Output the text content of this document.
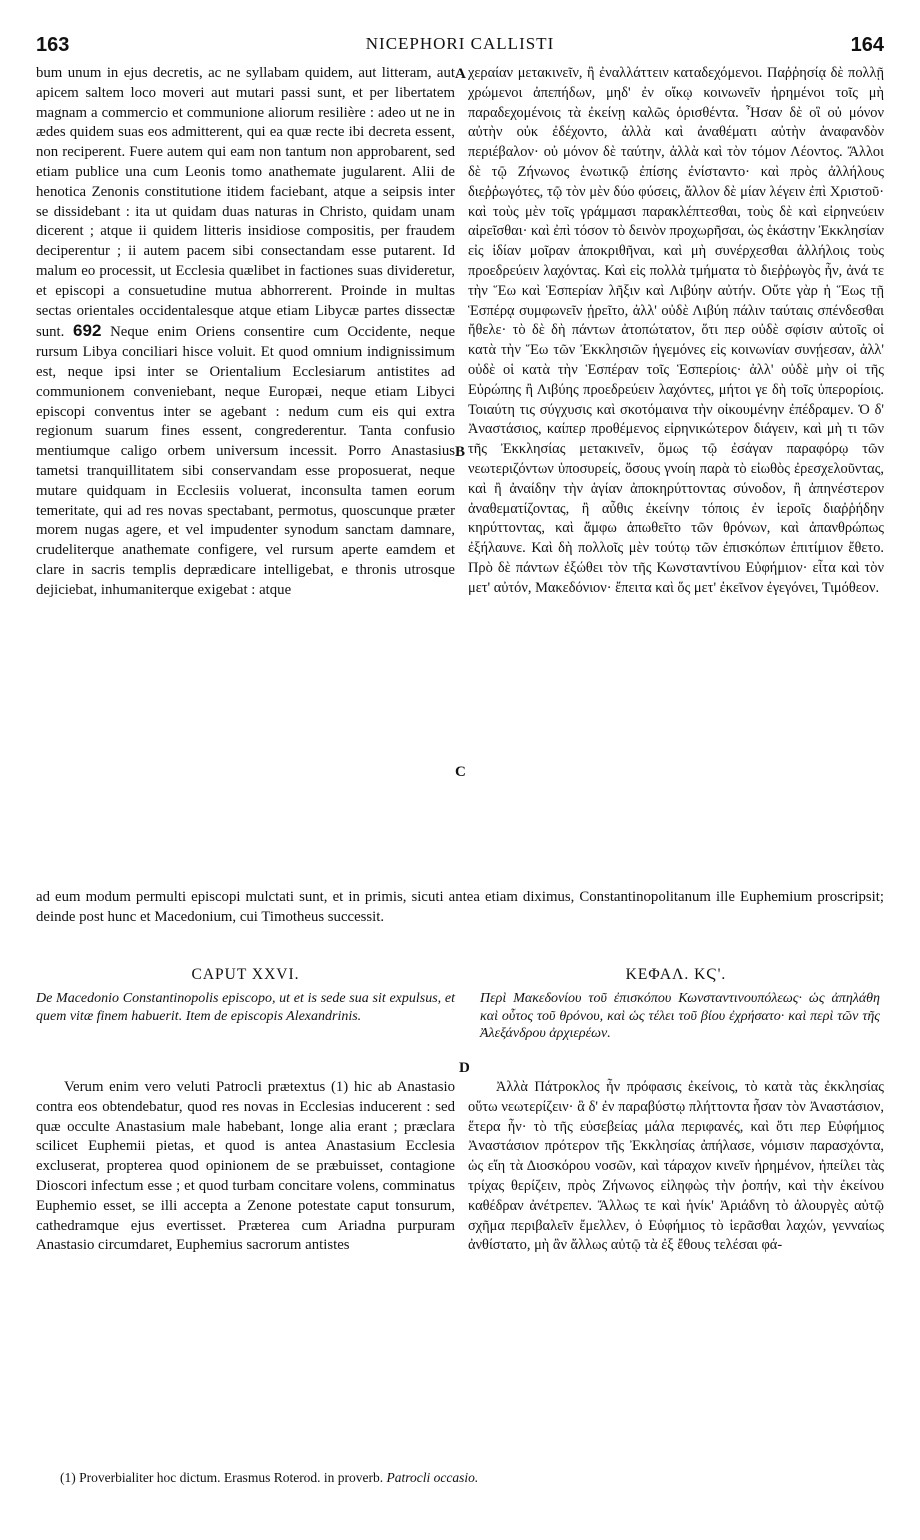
163	NICEPHORI CALLISTI	164
A
B
C
D

bum unum in ejus decretis, ac ne syllabam quidem, aut litteram, aut apicem saltem loco moveri aut mutari passi sunt, et per libertatem magnam a commercio et communione aliorum resilière : adeo ut ne in ædes quidem suas eos admitterent, qui ea quæ recte ibi decreta essent, non reciperent. Fuere autem qui eam non tantum non approbarent, sed etiam publice una cum Leonis tomo anathemate jugularent. Alii de henotica Zenonis constitutione itidem faciebant, atque a seipsis inter se dissidebant : ita ut quidam duas naturas in Christo, quidam unam dicerent ; atque ii quidem litteris insidiose compositis, per fraudem deciperentur ; ii autem pacem sibi consectandam esse putarent. Id malum eo processit, ut Ecclesia quælibet in factiones suas divideretur, et episcopi a consuetudine mutua abhorrerent. Proinde in multas sectas orientales occidentalesque atque etiam Libycæ partes dissectæ sunt. 692 Neque enim Oriens consentire cum Occidente, neque rursum Libya conciliari hisce voluit. Et quod omnium indignissimum est, neque ipsi inter se Orientalium Ecclesiarum antistites ad communionem conveniebant, neque Europæi, neque etiam Libyci episcopi conventus inter se agebant : nedum cum eis qui extra regionum suarum fines essent, congrederentur. Tanta confusio mentiumque caligo orbem universum incessit. Porro Anastasius tametsi tranquillitatem sibi conservandam esse proposuerat, neque mutare quidquam in Ecclesiis voluerat, inconsulta tamen eorum temeritate, qui ad res novas spectabant, permotus, quoscunque præter morem nugas agere, et vel impudenter synodum sanctam damnare, crudeliterque anathemate configere, vel rursum aperte eamdem et clare in sacris templis deprædicare intelligebat, e thronis utrosque dejiciebat, inhumaniterque exigebat : atque

χεραίαν μετακινεῖν, ἢ ἐναλλάττειν καταδεχόμενοι. Παῤῥησίᾳ δὲ πολλῇ χρώμενοι ἀπεπήδων, μηδ' ἐν οἴκῳ κοινωνεῖν ἠρημένοι τοῖς μὴ παραδεχομένοις τὰ ἐκείνῃ καλῶς ὁρισθέντα. Ἦσαν δὲ οἳ οὐ μόνον αὐτὴν οὐκ ἐδέχοντο, ἀλλὰ καὶ ἀναθέματι αὐτὴν ἀναφανδὸν περιέβαλον· οὐ μόνον δὲ ταύτην, ἀλλὰ καὶ τὸν τόμον Λέοντος. Ἄλλοι δὲ τῷ Ζήνωνος ἑνωτικῷ ἐπίσης ἐνίσταντο· καὶ πρὸς ἀλλήλους διεῤῥωγότες, τῷ τὸν μὲν δύο φύσεις, ἄλλον δὲ μίαν λέγειν ἐπὶ Χριστοῦ· καὶ τοὺς μὲν τοῖς γράμμασι παρακλέπτεσθαι, τοὺς δὲ καὶ εἰρηνεύειν αἱρεῖσθαι· καὶ ἐπὶ τόσον τὸ δεινὸν προχωρῆσαι, ὡς ἑκάστην Ἐκκλησίαν εἰς ἰδίαν μοῖραν ἀποκριθῆναι, καὶ μὴ συνέρχεσθαι ἀλλήλοις τοὺς προεδρεύειν λαχόντας. Καὶ εἰς πολλὰ τμήματα τὸ διεῤῥωγὸς ἦν, ἀνά τε τὴν Ἕω καὶ Ἑσπερίαν λῆξιν καὶ Λιβύην αὐτήν. Οὔτε γὰρ ἡ Ἕως τῇ Ἑσπέρᾳ συμφωνεῖν ᾑρεῖτο, ἀλλ' οὐδὲ Λιβύη πάλιν ταύταις σπένδεσθαι ἤθελε· τὸ δὲ δὴ πάντων ἀτοπώτατον, ὅτι περ οὐδὲ σφίσιν αὐτοῖς οἱ κατὰ τὴν Ἕω τῶν Ἐκκλησιῶν ἡγεμόνες εἰς κοινωνίαν συνῄεσαν, ἀλλ' οὐδὲ οἱ κατὰ τὴν Ἑσπέραν τοῖς Ἑσπερίοις· ἀλλ' οὐδὲ μὴν οἱ τῆς Εὐρώπης ἢ Λιβύης προεδρεύειν λαχόντες, μήτοι γε δὴ τοῖς ὑπερορίοις. Τοιαύτη τις σύγχυσις καὶ σκοτόμαινα τὴν οἰκουμένην ἐπέδραμεν. Ὁ δ' Ἀναστάσιος, καίπερ προθέμενος εἰρηνικώτερον διάγειν, καὶ μὴ τι τῶν τῆς Ἐκκλησίας μετακινεῖν, ὅμως τῷ ἐσάγαν παραφόρῳ τῶν νεωτεριζόντων ὑποσυρείς, ὅσους γνοίη παρὰ τὸ εἰωθὸς ἐρεσχελοῦντας, καὶ ἢ ἀναίδην τὴν ἁγίαν ἀποκηρύττοντας σύνοδον, ἢ ἀπηνέστερον ἀναθεματίζοντας, ἢ αὖθις ἐκείνην τόποις ἐν ἱεροῖς διαῤῥήδην κηρύττοντας, καὶ ἄμφω ἀπωθεῖτο τῶν θρόνων, καὶ ἀπανθρώπως ἐξήλαυνε. Καὶ δὴ πολλοῖς μὲν τούτῳ τῶν ἐπισκόπων ἐπιτίμιον ἔθετο. Πρὸ δὲ πάντων ἐξώθει τὸν τῆς Κωνσταντίνου Εὐφήμιον· εἶτα καὶ τὸν μετ' αὐτόν, Μακεδόνιον· ἔπειτα καὶ ὅς μετ' ἐκεῖνον ἐγεγόνει, Τιμόθεον.

ad eum modum permulti episcopi mulctati sunt, et in primis, sicuti antea etiam diximus, Constantinopolitanum ille Euphemium proscripsit; deinde post hunc et Macedonium, cui Timotheus successit.

CAPUT XXVI.	ΚΕΦΑΛ. ΚϚ'.
De Macedonio Constantinopolis episcopo, ut et is sede sua sit expulsus, et quem vitæ finem habuerit. Item de episcopis Alexandrinis.
Περὶ Μακεδονίου τοῦ ἐπισκόπου Κωνσταντινουπόλεως· ὡς ἀπηλάθη καὶ οὗτος τοῦ θρόνου, καὶ ὡς τέλει τοῦ βίου ἐχρήσατο· καὶ περὶ τῶν τῆς Ἀλεξάνδρου ἀρχιερέων.

Verum enim vero veluti Patrocli prætextus (1) hic ab Anastasio contra eos obtendebatur, quod res novas in Ecclesias inducerent : sed quæ occulte Anastasium male habebant, longe alia erant ; præclara scilicet Euphemii pietas, et quod is antea Anastasium Ecclesia excluserat, propterea quod opinionem de se præbuisset, contagione Dioscori infectum esse ; et quod turbam concitare volens, comminatus Euphemio esset, se illi accepta a Zenone potestate caput tonsurum, cathedramque ejus evertisset. Præterea cum Ariadna purpuram Anastasio circumdaret, Euphemius sacrorum antistes

Ἀλλὰ Πάτροκλος ἦν πρόφασις ἐκείνοις, τὸ κατὰ τὰς ἐκκλησίας οὕτω νεωτερίζειν· ἃ δ' ἐν παραβύστῳ πλήττοντα ἦσαν τὸν Ἀναστάσιον, ἕτερα ἦν· τὸ τῆς εὐσεβείας μάλα περιφανές, καὶ ὅτι περ Εὐφήμιος Ἀναστάσιον πρότερον τῆς Ἐκκλησίας ἀπήλασε, νόμισιν παρασχόντα, ὡς εἴη τὰ Διοσκόρου νοσῶν, καὶ τάραχον κινεῖν ἠρημένον, ἠπείλει τὰς τρίχας θερίζειν, πρὸς Ζήνωνος εἰληφὼς τὴν ῥοπήν, καὶ τὴν ἐκείνου καθέδραν ἀνέτρεπεν. Ἄλλως τε καὶ ἡνίκ' Ἀριάδνη τὸ ἁλουργὲς αὐτῷ σχῆμα περιβαλεῖν ἔμελλεν, ὁ Εὐφήμιος τὸ ἱερᾶσθαι λαχών, γενναίως ἀνθίστατο, μὴ ἂν ἄλλως αὐτῷ τὰ ἐξ ἔθους τελέσαι φά-

(1) Proverbialiter hoc dictum. Erasmus Roterod. in proverb. Patrocli occasio.
